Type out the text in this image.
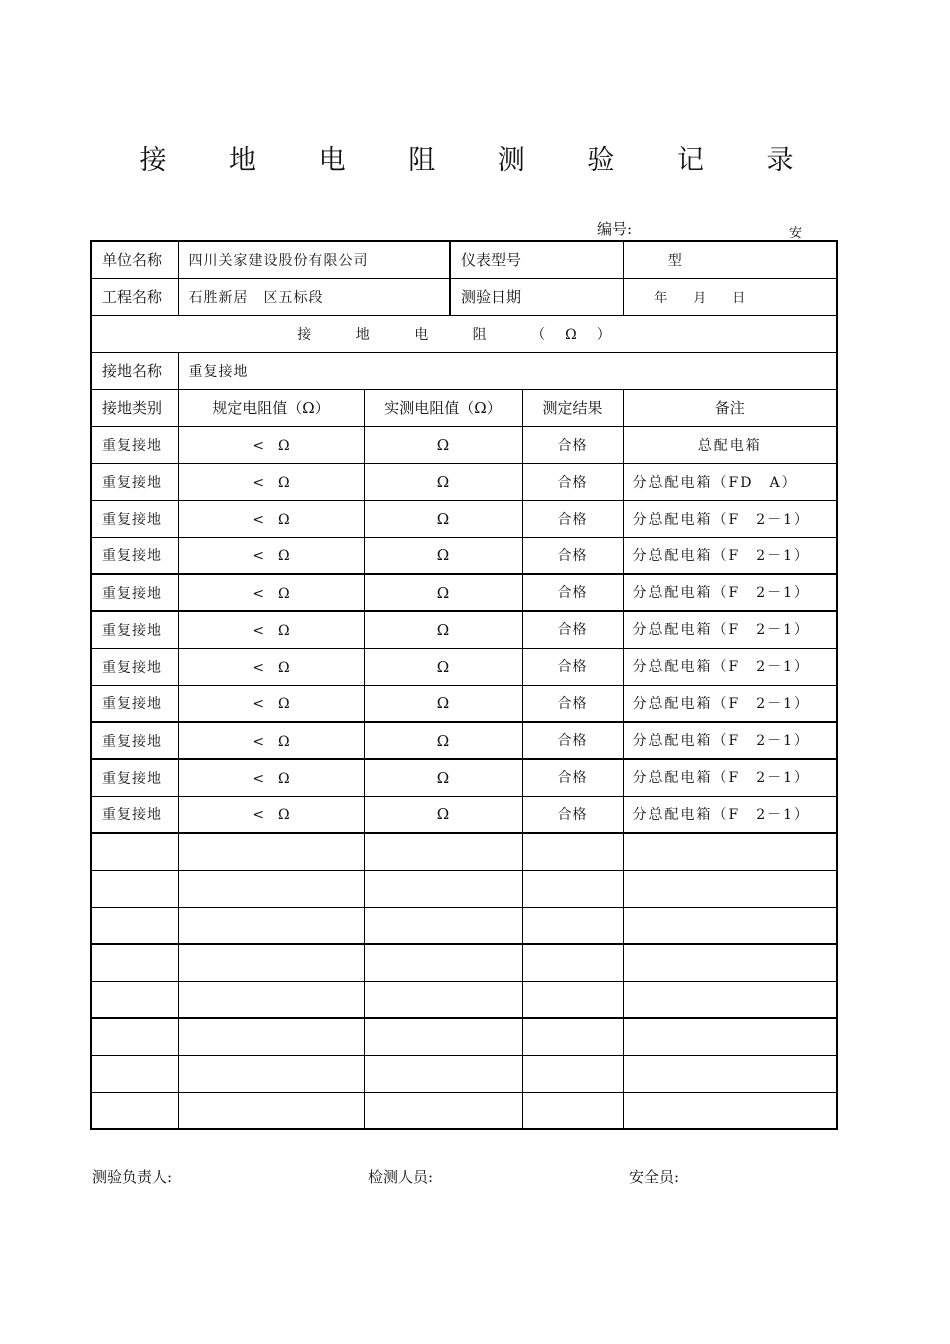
接 地 电 阻 测 验 记 录
编号:	安
单位名称	四川关家建设股份有限公司		仪表型号		型
工程名称	石胜新居　区五标段		测验日期		年　　月　　日
接 地 电 阻 （Ω）					
接地名称	重复接地				
接地类别	规定电阻值（Ω）	实测电阻值（Ω）		测定结果	备注
重复接地	<　Ω	Ω		合格	总配电箱
重复接地	<　Ω	Ω		合格	分总配电箱（FD　A）
重复接地	<　Ω	Ω		合格	分总配电箱（F　2－1）
重复接地	<　Ω	Ω		合格	分总配电箱（F　2－1）
重复接地	<　Ω	Ω		合格	分总配电箱（F　2－1）
重复接地	<　Ω	Ω		合格	分总配电箱（F　2－1）
重复接地	<　Ω	Ω		合格	分总配电箱（F　2－1）
重复接地	<　Ω	Ω		合格	分总配电箱（F　2－1）
重复接地	<　Ω	Ω		合格	分总配电箱（F　2－1）
重复接地	<　Ω	Ω		合格	分总配电箱（F　2－1）
重复接地	<　Ω	Ω		合格	分总配电箱（F　2－1）

测验负责人:	检测人员:	安全员:
